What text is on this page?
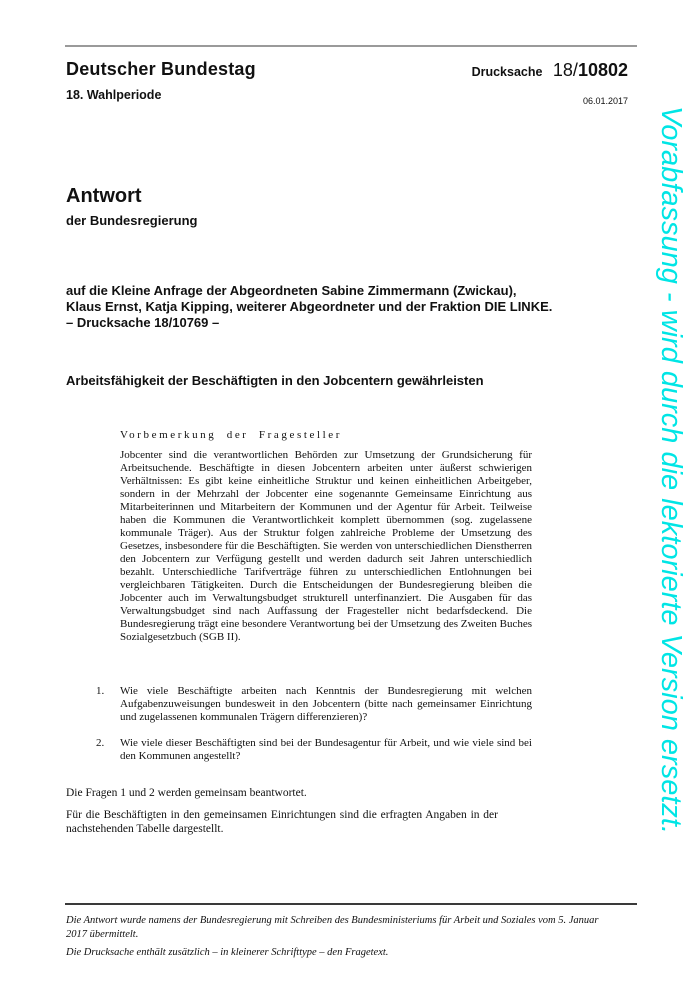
Deutscher Bundestag
18. Wahlperiode
Drucksache 18/10802
06.01.2017
Vorabfassung - wird durch die lektorierte Version ersetzt.
Antwort
der Bundesregierung
auf die Kleine Anfrage der Abgeordneten Sabine Zimmermann (Zwickau),
Klaus Ernst, Katja Kipping, weiterer Abgeordneter und der Fraktion DIE LINKE.
– Drucksache 18/10769 –
Arbeitsfähigkeit der Beschäftigten in den Jobcentern gewährleisten
Vorbemerkung der Fragesteller
Jobcenter sind die verantwortlichen Behörden zur Umsetzung der Grundsicherung für Arbeitsuchende. Beschäftigte in diesen Jobcentern arbeiten unter äußerst schwierigen Verhältnissen: Es gibt keine einheitliche Struktur und keinen einheitlichen Arbeitgeber, sondern in der Mehrzahl der Jobcenter eine sogenannte Gemeinsame Einrichtung aus Mitarbeiterinnen und Mitarbeitern der Kommunen und der Agentur für Arbeit. Teilweise haben die Kommunen die Verantwortlichkeit komplett übernommen (sog. zugelassene kommunale Träger). Aus der Struktur folgen zahlreiche Probleme der Umsetzung des Gesetzes, insbesondere für die Beschäftigten. Sie werden von unterschiedlichen Dienstherren den Jobcentern zur Verfügung gestellt und werden dadurch seit Jahren unterschiedlich bezahlt. Unterschiedliche Tarifverträge führen zu unterschiedlichen Entlohnungen bei vergleichbaren Tätigkeiten. Durch die Entscheidungen der Bundesregierung bleiben die Jobcenter auch im Verwaltungsbudget strukturell unterfinanziert. Die Ausgaben für das Verwaltungsbudget sind nach Auffassung der Fragesteller nicht bedarfsdeckend. Die Bundesregierung trägt eine besondere Verantwortung bei der Umsetzung des Zweiten Buches Sozialgesetzbuch (SGB II).
1.	Wie viele Beschäftigte arbeiten nach Kenntnis der Bundesregierung mit welchen Aufgabenzuweisungen bundesweit in den Jobcentern (bitte nach gemeinsamer Einrichtung und zugelassenen kommunalen Trägern differenzieren)?
2.	Wie viele dieser Beschäftigten sind bei der Bundesagentur für Arbeit, und wie viele sind bei den Kommunen angestellt?
Die Fragen 1 und 2 werden gemeinsam beantwortet.
Für die Beschäftigten in den gemeinsamen Einrichtungen sind die erfragten Angaben in der nachstehenden Tabelle dargestellt.
Die Antwort wurde namens der Bundesregierung mit Schreiben des Bundesministeriums für Arbeit und Soziales vom 5. Januar 2017 übermittelt.
Die Drucksache enthält zusätzlich – in kleinerer Schrifttype – den Fragetext.
